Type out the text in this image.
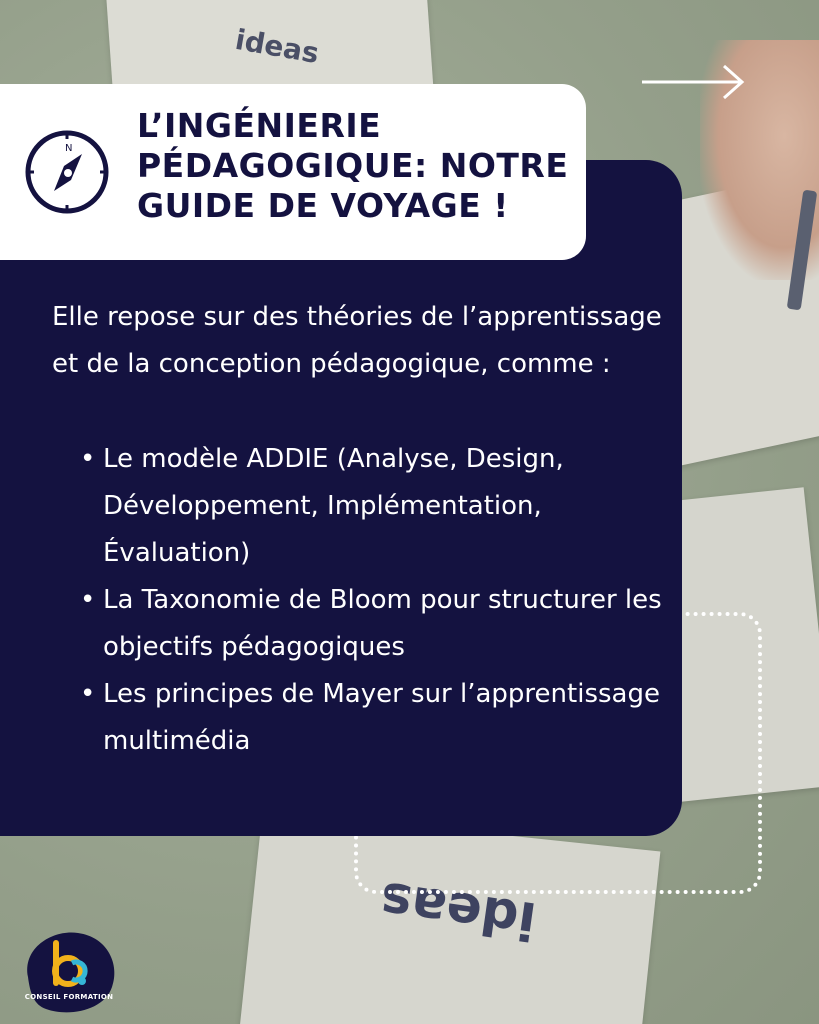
ideas
ideas
N
L’INGÉNIERIE PÉDAGOGIQUE: NOTRE GUIDE DE VOYAGE !

Elle repose sur des théories de l’apprentissage et de la conception pédagogique, comme :

• Le modèle ADDIE (Analyse, Design, Développement, Implémentation, Évaluation)
• La Taxonomie de Bloom pour structurer les objectifs pédagogiques
• Les principes de Mayer sur l’apprentissage multimédia
CONSEIL FORMATION
